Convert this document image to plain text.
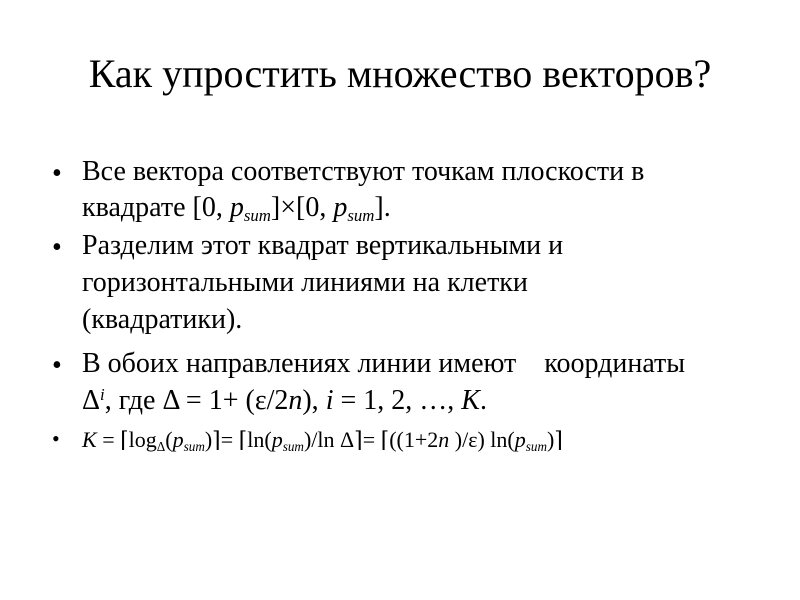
Как упростить множество векторов?
• Все вектора соответствуют точкам плоскости в
квадрате [0, $p_{sum}]\times[0$, $p_{sum}$].
• Разделим этот квадрат вертикальными и
горизонтальными линиями на клетки
(квадратики).
• В обоих направлениях линии имеют    координаты
$\Delta^i$, где Δ = 1+ (ε/2n), i = 1, 2, …, K.
• $K = ⌈\log_\Delta(p_{sum})⌉=$ $⌈\ln(p_{sum})/\ln$ Δ⌉= ⌈((1+2n )/ε) $\ln(p_{sum})⌉$
